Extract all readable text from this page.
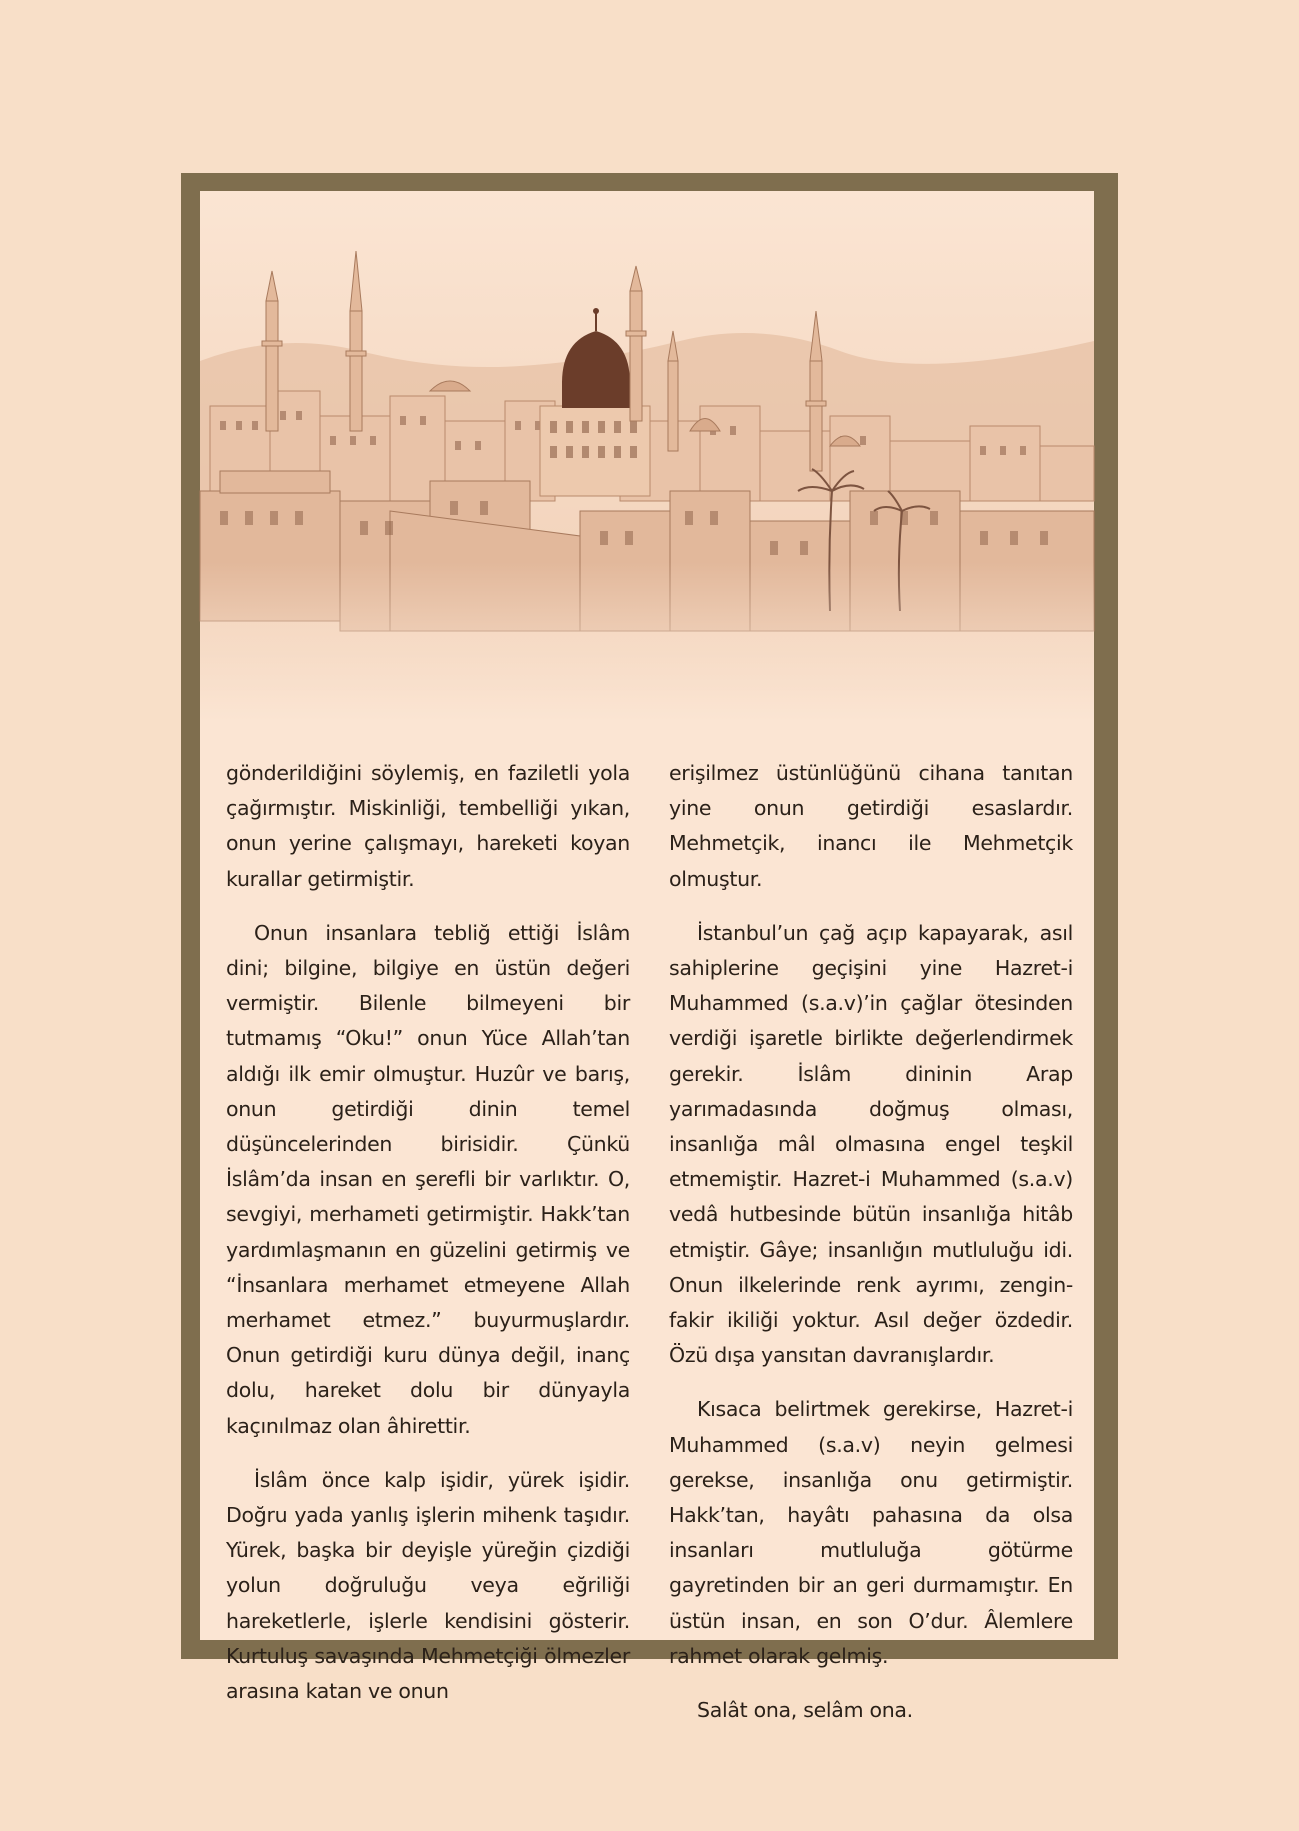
gönderildiğini söylemiş, en faziletli yola çağırmıştır. Miskinliği, tembelliği yıkan, onun yerine çalışmayı, hareketi koyan kurallar getirmiştir.

Onun insanlara tebliğ ettiği İslâm dini; bilgine, bilgiye en üstün değeri vermiştir. Bilenle bilmeyeni bir tutmamış “Oku!” onun Yüce Allah’tan aldığı ilk emir olmuştur. Huzûr ve barış, onun getirdiği dinin temel düşüncelerinden birisidir. Çünkü İslâm’da insan en şerefli bir varlıktır. O, sevgiyi, merhameti getirmiştir. Hakk’tan yardımlaşmanın en güzelini getirmiş ve “İnsanlara merhamet etmeyene Allah merhamet etmez.” buyurmuşlardır. Onun getirdiği kuru dünya değil, inanç dolu, hareket dolu bir dünyayla kaçınılmaz olan âhirettir.

İslâm önce kalp işidir, yürek işidir. Doğru yada yanlış işlerin mihenk taşıdır. Yürek, başka bir deyişle yüreğin çizdiği yolun doğruluğu veya eğriliği hareketlerle, işlerle kendisini gösterir. Kurtuluş savaşında Mehmetçiği ölmezler arasına katan ve onun

erişilmez üstünlüğünü cihana tanıtan yine onun getirdiği esaslardır. Mehmetçik, inancı ile Mehmetçik olmuştur.

İstanbul’un çağ açıp kapayarak, asıl sahiplerine geçişini yine Hazret-i Muhammed (s.a.v)’in çağlar ötesinden verdiği işaretle birlikte değerlendirmek gerekir. İslâm dininin Arap yarımadasında doğmuş olması, insanlığa mâl olmasına engel teşkil etmemiştir. Hazret-i Muhammed (s.a.v) vedâ hutbesinde bütün insanlığa hitâb etmiştir. Gâye; insanlığın mutluluğu idi. Onun ilkelerinde renk ayrımı, zengin-fakir ikiliği yoktur. Asıl değer özdedir. Özü dışa yansıtan davranışlardır.

Kısaca belirtmek gerekirse, Hazret-i Muhammed (s.a.v) neyin gelmesi gerekse, insanlığa onu getirmiştir. Hakk’tan, hayâtı pahasına da olsa insanları mutluluğa götürme gayretinden bir an geri durmamıştır. En üstün insan, en son O’dur. Âlemlere rahmet olarak gelmiş.

Salât ona, selâm ona.
